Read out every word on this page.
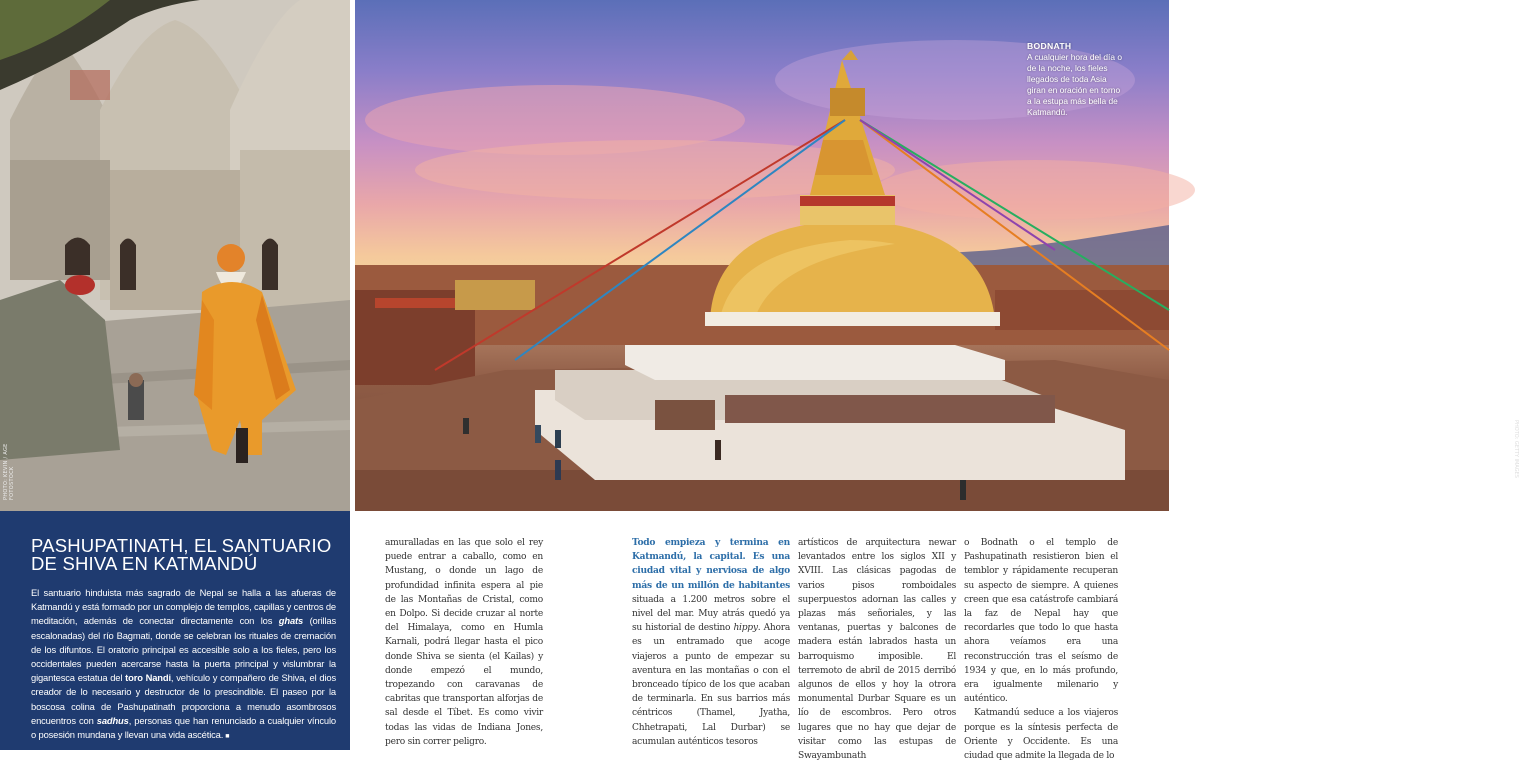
PHOTO: KEVIN / AGE FOTOSTOCK
PHOTO: GETTY IMAGES
BODNATH
A cualquier hora del día o de la noche, los fieles llegados de toda Asia giran en oración en torno a la estupa más bella de Katmandú.
PASHUPATINATH, EL SANTUARIO DE SHIVA EN KATMANDÚ

El santuario hinduista más sagrado de Nepal se halla a las afueras de Katmandú y está formado por un complejo de templos, capillas y centros de meditación, además de conectar directamente con los ghats (orillas escalonadas) del río Bagmati, donde se celebran los rituales de cremación de los difuntos. El oratorio principal es accesible solo a los fieles, pero los occidentales pueden acercarse hasta la puerta principal y vislumbrar la gigantesca estatua del toro Nandi, vehículo y compañero de Shiva, el dios creador de lo necesario y destructor de lo prescindible. El paseo por la boscosa colina de Pashupatinath proporciona a menudo asombrosos encuentros con sadhus, personas que han renunciado a cualquier vínculo o posesión mundana y llevan una vida ascética. ■

amuralladas en las que solo el rey puede entrar a caballo, como en Mustang, o donde un lago de profundidad infinita espera al pie de las Montañas de Cristal, como en Dolpo. Si decide cruzar al norte del Himalaya, como en Humla Karnali, podrá llegar hasta el pico donde Shiva se sienta (el Kailas) y donde empezó el mundo, tropezando con caravanas de cabritas que transportan alforjas de sal desde el Tíbet. Es como vivir todas las vidas de Indiana Jones, pero sin correr peligro.

Todo empieza y termina en Katmandú, la capital. Es una ciudad vital y nerviosa de algo más de un millón de habitantes situada a 1.200 metros sobre el nivel del mar. Muy atrás quedó ya su historial de destino hippy. Ahora es un entramado que acoge viajeros a punto de empezar su aventura en las montañas o con el bronceado típico de los que acaban de terminarla. En sus barrios más céntricos (Thamel, Jyatha, Chhetrapati, Lal Durbar) se acumulan auténticos tesoros

artísticos de arquitectura newar levantados entre los siglos XII y XVIII. Las clásicas pagodas de varios pisos romboidales superpuestos adornan las calles y plazas más señoriales, y las ventanas, puertas y balcones de madera están labrados hasta un barroquismo imposible. El terremoto de abril de 2015 derribó algunos de ellos y hoy la otrora monumental Durbar Square es un lío de escombros. Pero otros lugares que no hay que dejar de visitar como las estupas de Swayambunath

o Bodnath o el templo de Pashupatinath resistieron bien el temblor y rápidamente recuperan su aspecto de siempre. A quienes creen que esa catástrofe cambiará la faz de Nepal hay que recordarles que todo lo que hasta ahora veíamos era una reconstrucción tras el seísmo de 1934 y que, en lo más profundo, era igualmente milenario y auténtico.

Katmandú seduce a los viajeros porque es la síntesis perfecta de Oriente y Occidente. Es una ciudad que admite la llegada de lo
